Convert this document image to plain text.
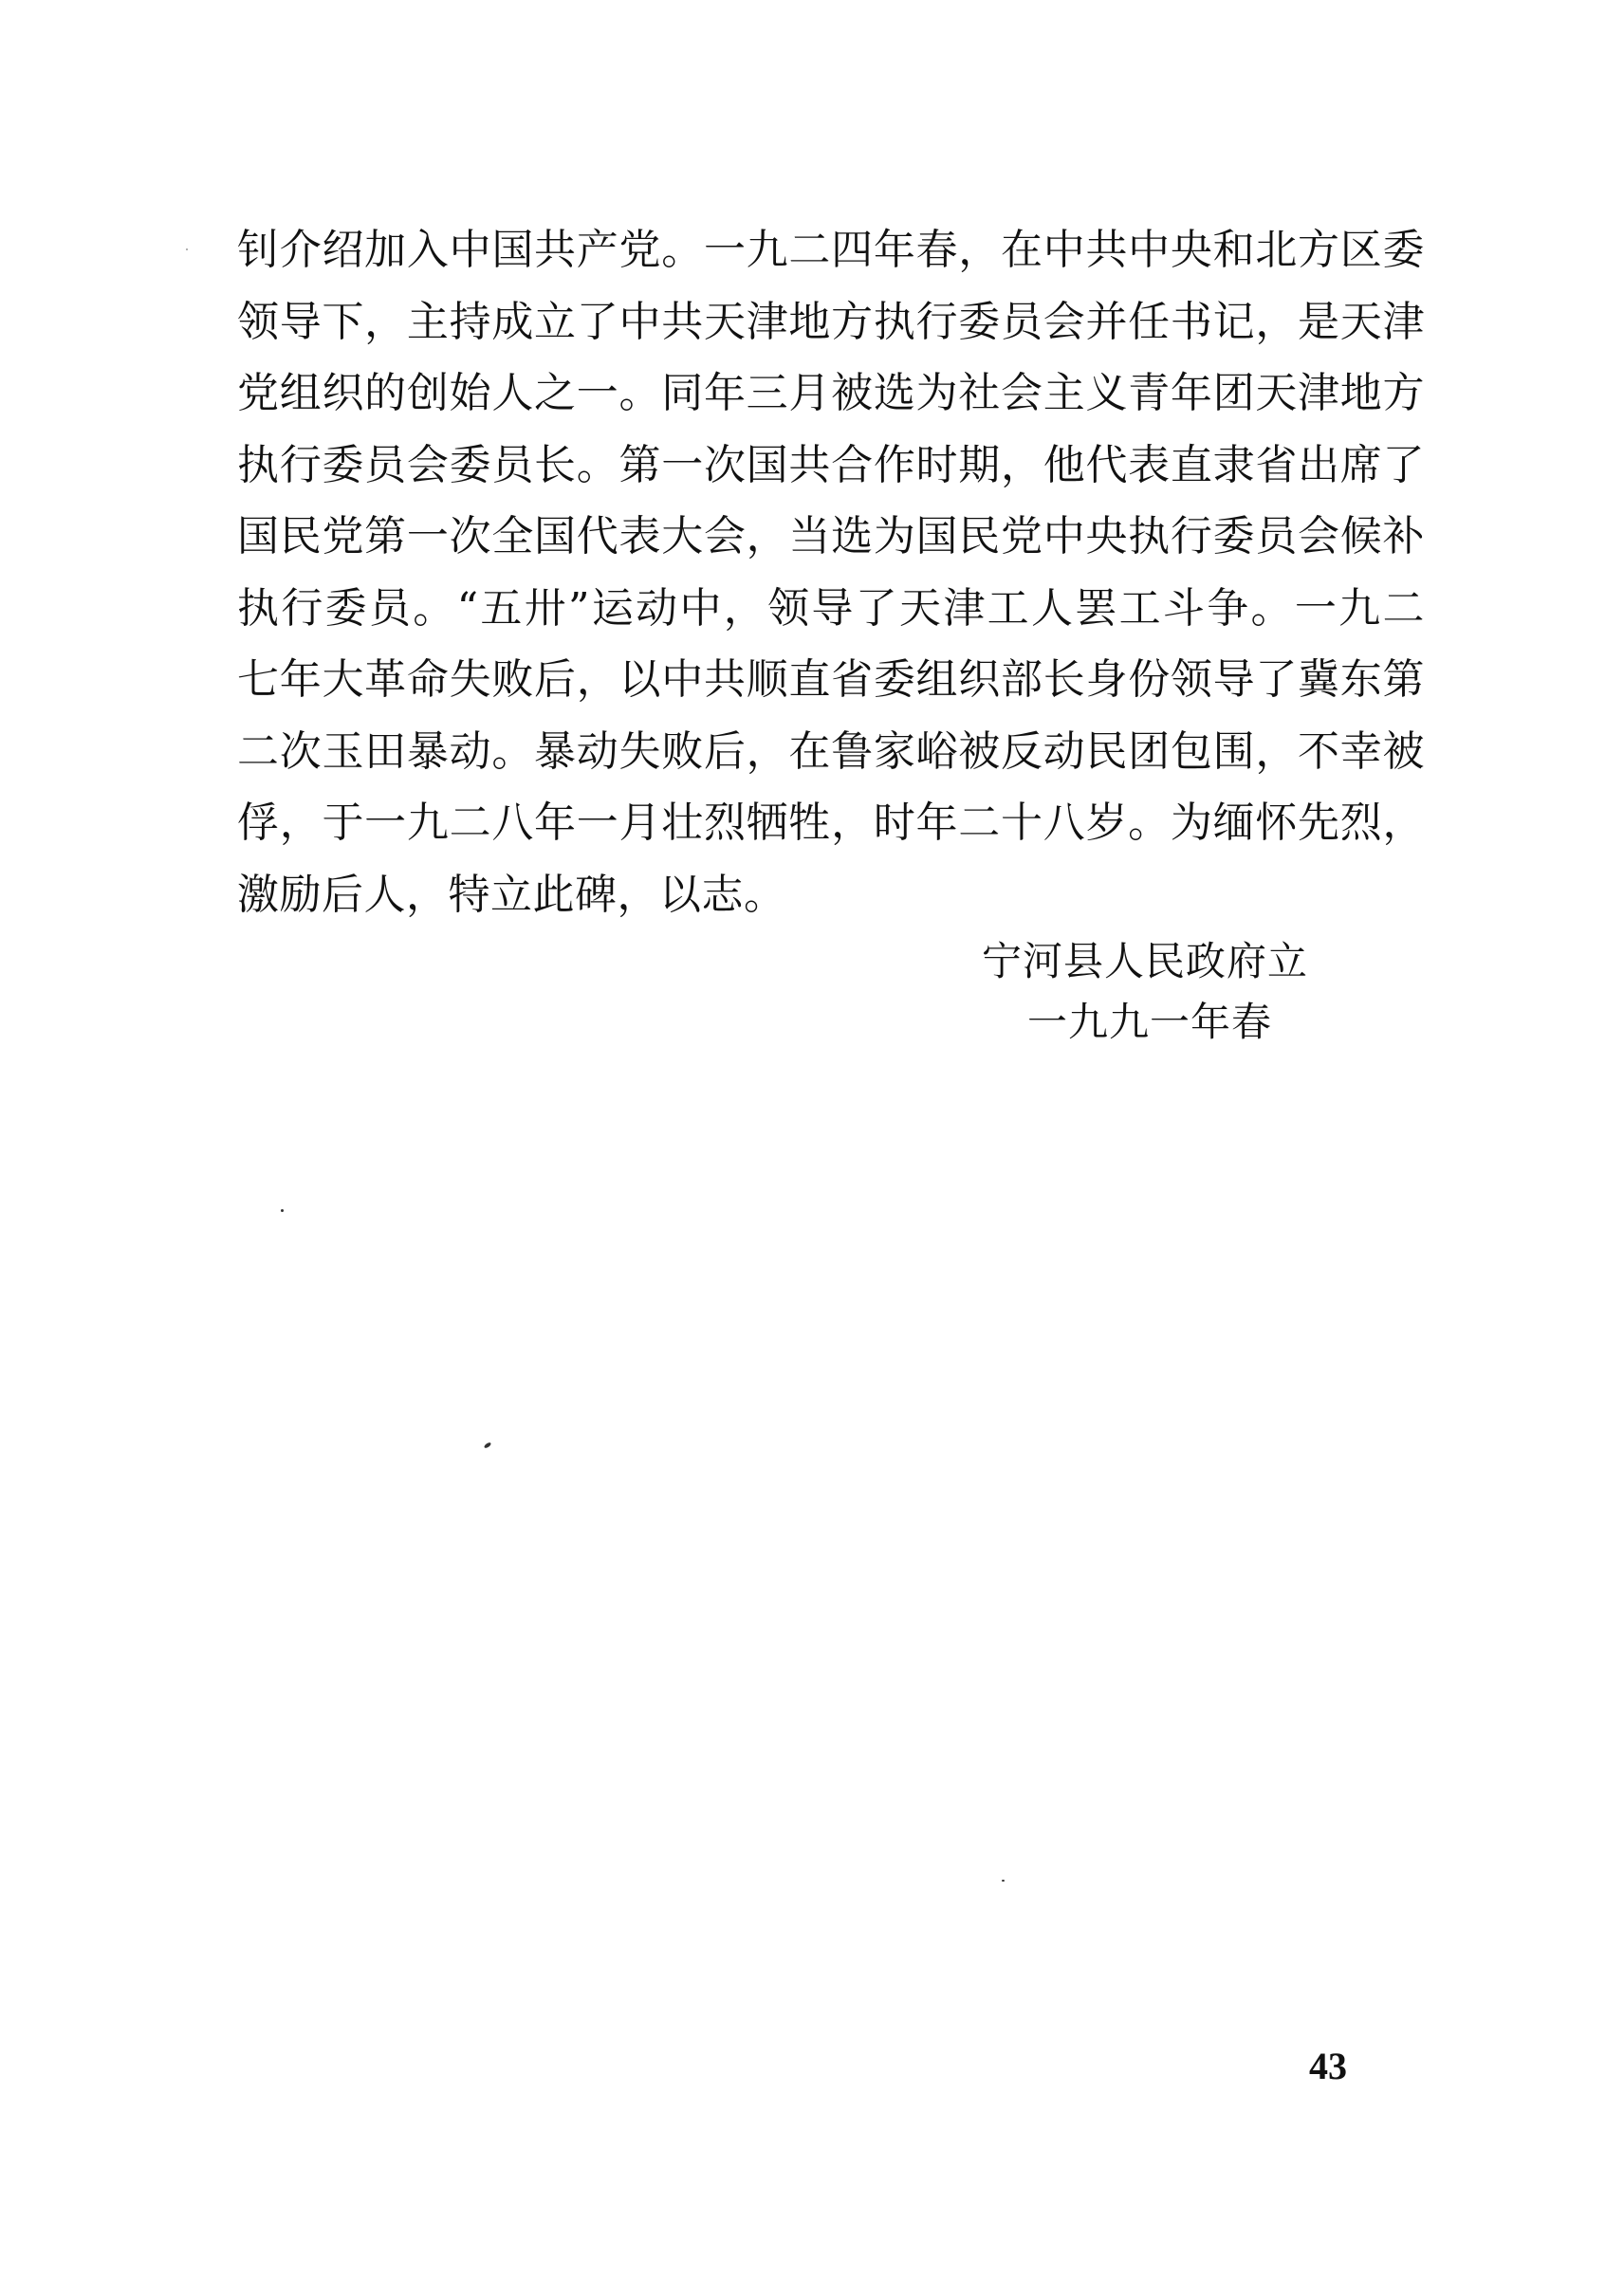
钊介绍加入中国共产党。一九二四年春，在中共中央和北方区委
领导下，主持成立了中共天津地方执行委员会并任书记，是天津
党组织的创始人之一。同年三月被选为社会主义青年团天津地方
执行委员会委员长。第一次国共合作时期，他代表直隶省出席了
国民党第一次全国代表大会，当选为国民党中央执行委员会候补
执行委员。“五卅”运动中，领导了天津工人罢工斗争。一九二
七年大革命失败后，以中共顺直省委组织部长身份领导了冀东第
二次玉田暴动。暴动失败后，在鲁家峪被反动民团包围，不幸被
俘，于一九二八年一月壮烈牺牲，时年二十八岁。为缅怀先烈，
激励后人，特立此碑，以志。
宁河县人民政府立
一九九一年春
43
